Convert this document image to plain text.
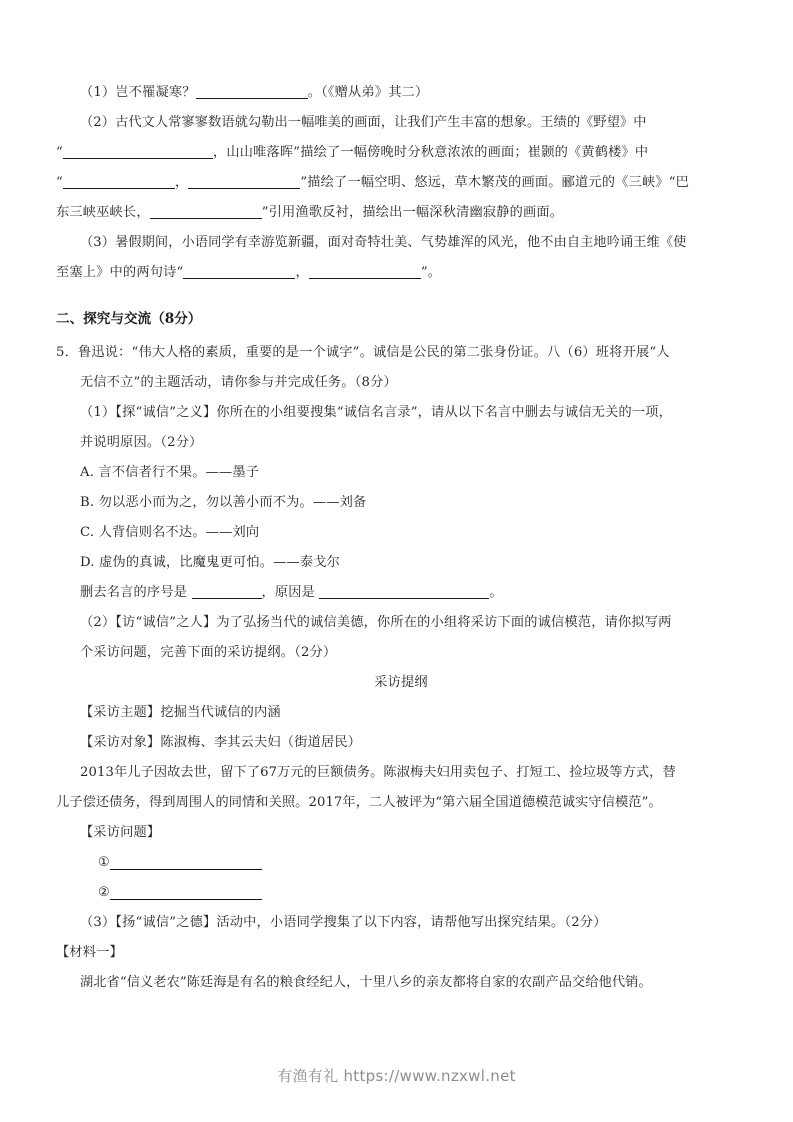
（1）岂不罹凝寒？	。（《赠从弟》其二）
（2）古代文人常寥寥数语就勾勒出一幅唯美的画面，让我们产生丰富的想象。王绩的《野望》中
“	，山山唯落晖”描绘了一幅傍晚时分秋意浓浓的画面；崔颢的《黄鹤楼》中
“	，	”描绘了一幅空明、悠远，草木繁茂的画面。郦道元的《三峡》“巴
东三峡巫峡长，	”引用渔歌反衬，描绘出一幅深秋清幽寂静的画面。
（3）暑假期间，小语同学有幸游览新疆，面对奇特壮美、气势雄浑的风光，他不由自主地吟诵王维《使
至塞上》中的两句诗“	，	”。
二、探究与交流（8分）
5．鲁迅说：“伟大人格的素质，重要的是一个诚字”。诚信是公民的第二张身份证。八（6）班将开展“人
无信不立”的主题活动，请你参与并完成任务。（8分）
（1）【探“诚信”之义】你所在的小组要搜集“诚信名言录”，请从以下名言中删去与诚信无关的一项，
并说明原因。（2分）
A. 言不信者行不果。——墨子
B. 勿以恶小而为之，勿以善小而不为。——刘备
C. 人背信则名不达。——刘向
D. 虚伪的真诚，比魔鬼更可怕。——泰戈尔
删去名言的序号是	，原因是	。
（2）【访“诚信”之人】为了弘扬当代的诚信美德，你所在的小组将采访下面的诚信模范，请你拟写两
个采访问题，完善下面的采访提纲。（2分）
采访提纲
【采访主题】挖掘当代诚信的内涵
【采访对象】陈淑梅、李其云夫妇（街道居民）
2013年儿子因故去世，留下了67万元的巨额债务。陈淑梅夫妇用卖包子、打短工、捡垃圾等方式，替
儿子偿还债务，得到周围人的同情和关照。2017年，二人被评为“第六届全国道德模范诚实守信模范”。
【采访问题】
①
②
（3）【扬“诚信”之德】活动中，小语同学搜集了以下内容，请帮他写出探究结果。（2分）
【材料一】
湖北省“信义老农”陈廷海是有名的粮食经纪人，十里八乡的亲友都将自家的农副产品交给他代销。
有渔有礼 https://www.nzxwl.net
